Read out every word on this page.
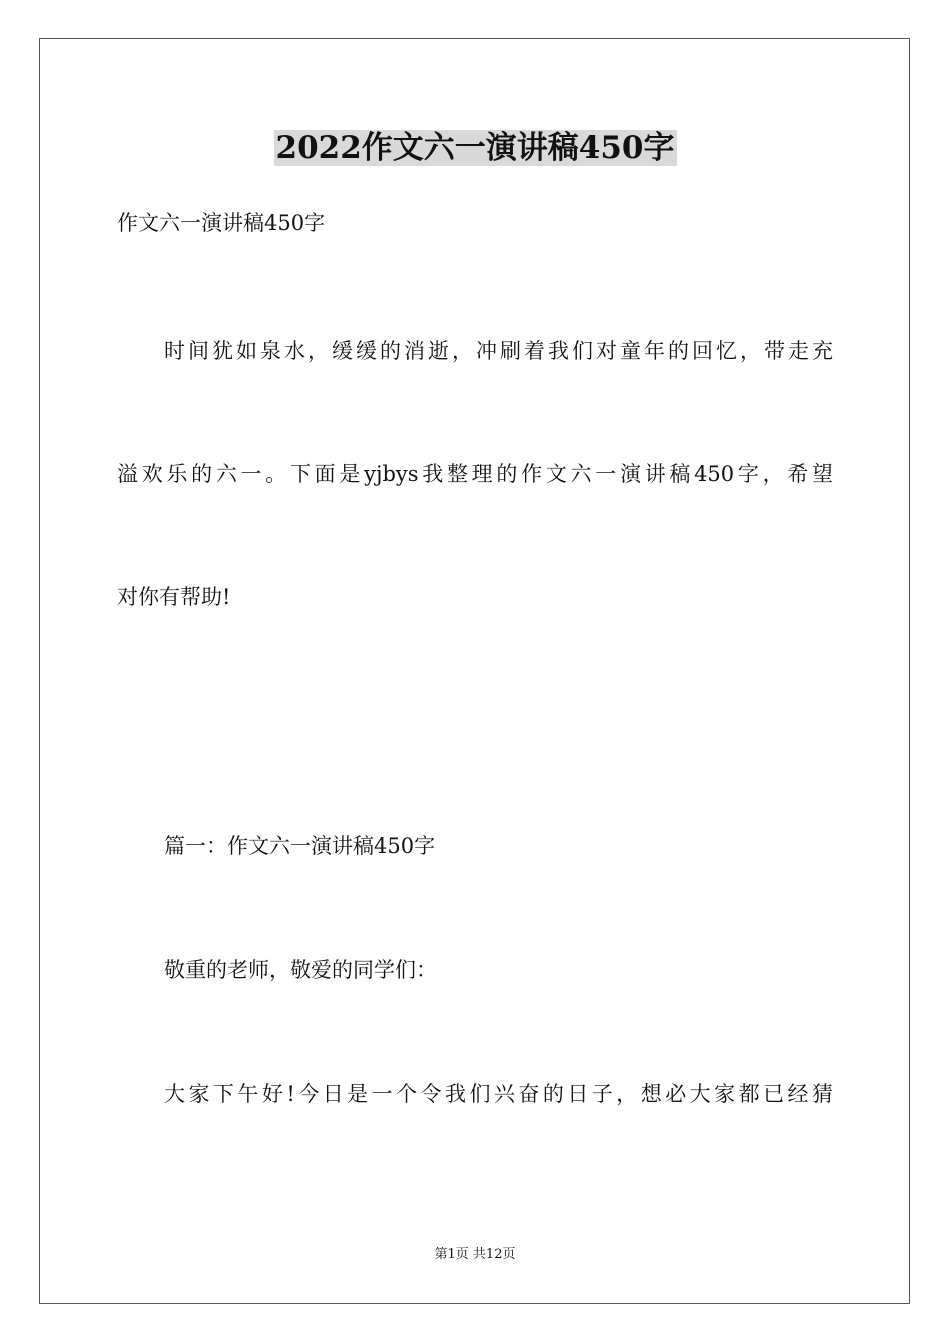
2022作文六一演讲稿450字
作文六一演讲稿450字
时间犹如泉水，缓缓的消逝，冲刷着我们对童年的回忆，带走充
溢欢乐的六一。下面是yjbys我整理的作文六一演讲稿450字，希望
对你有帮助!
篇一：作文六一演讲稿450字
敬重的老师，敬爱的同学们：
大家下午好!今日是一个令我们兴奋的日子，想必大家都已经猜
第1页 共12页
